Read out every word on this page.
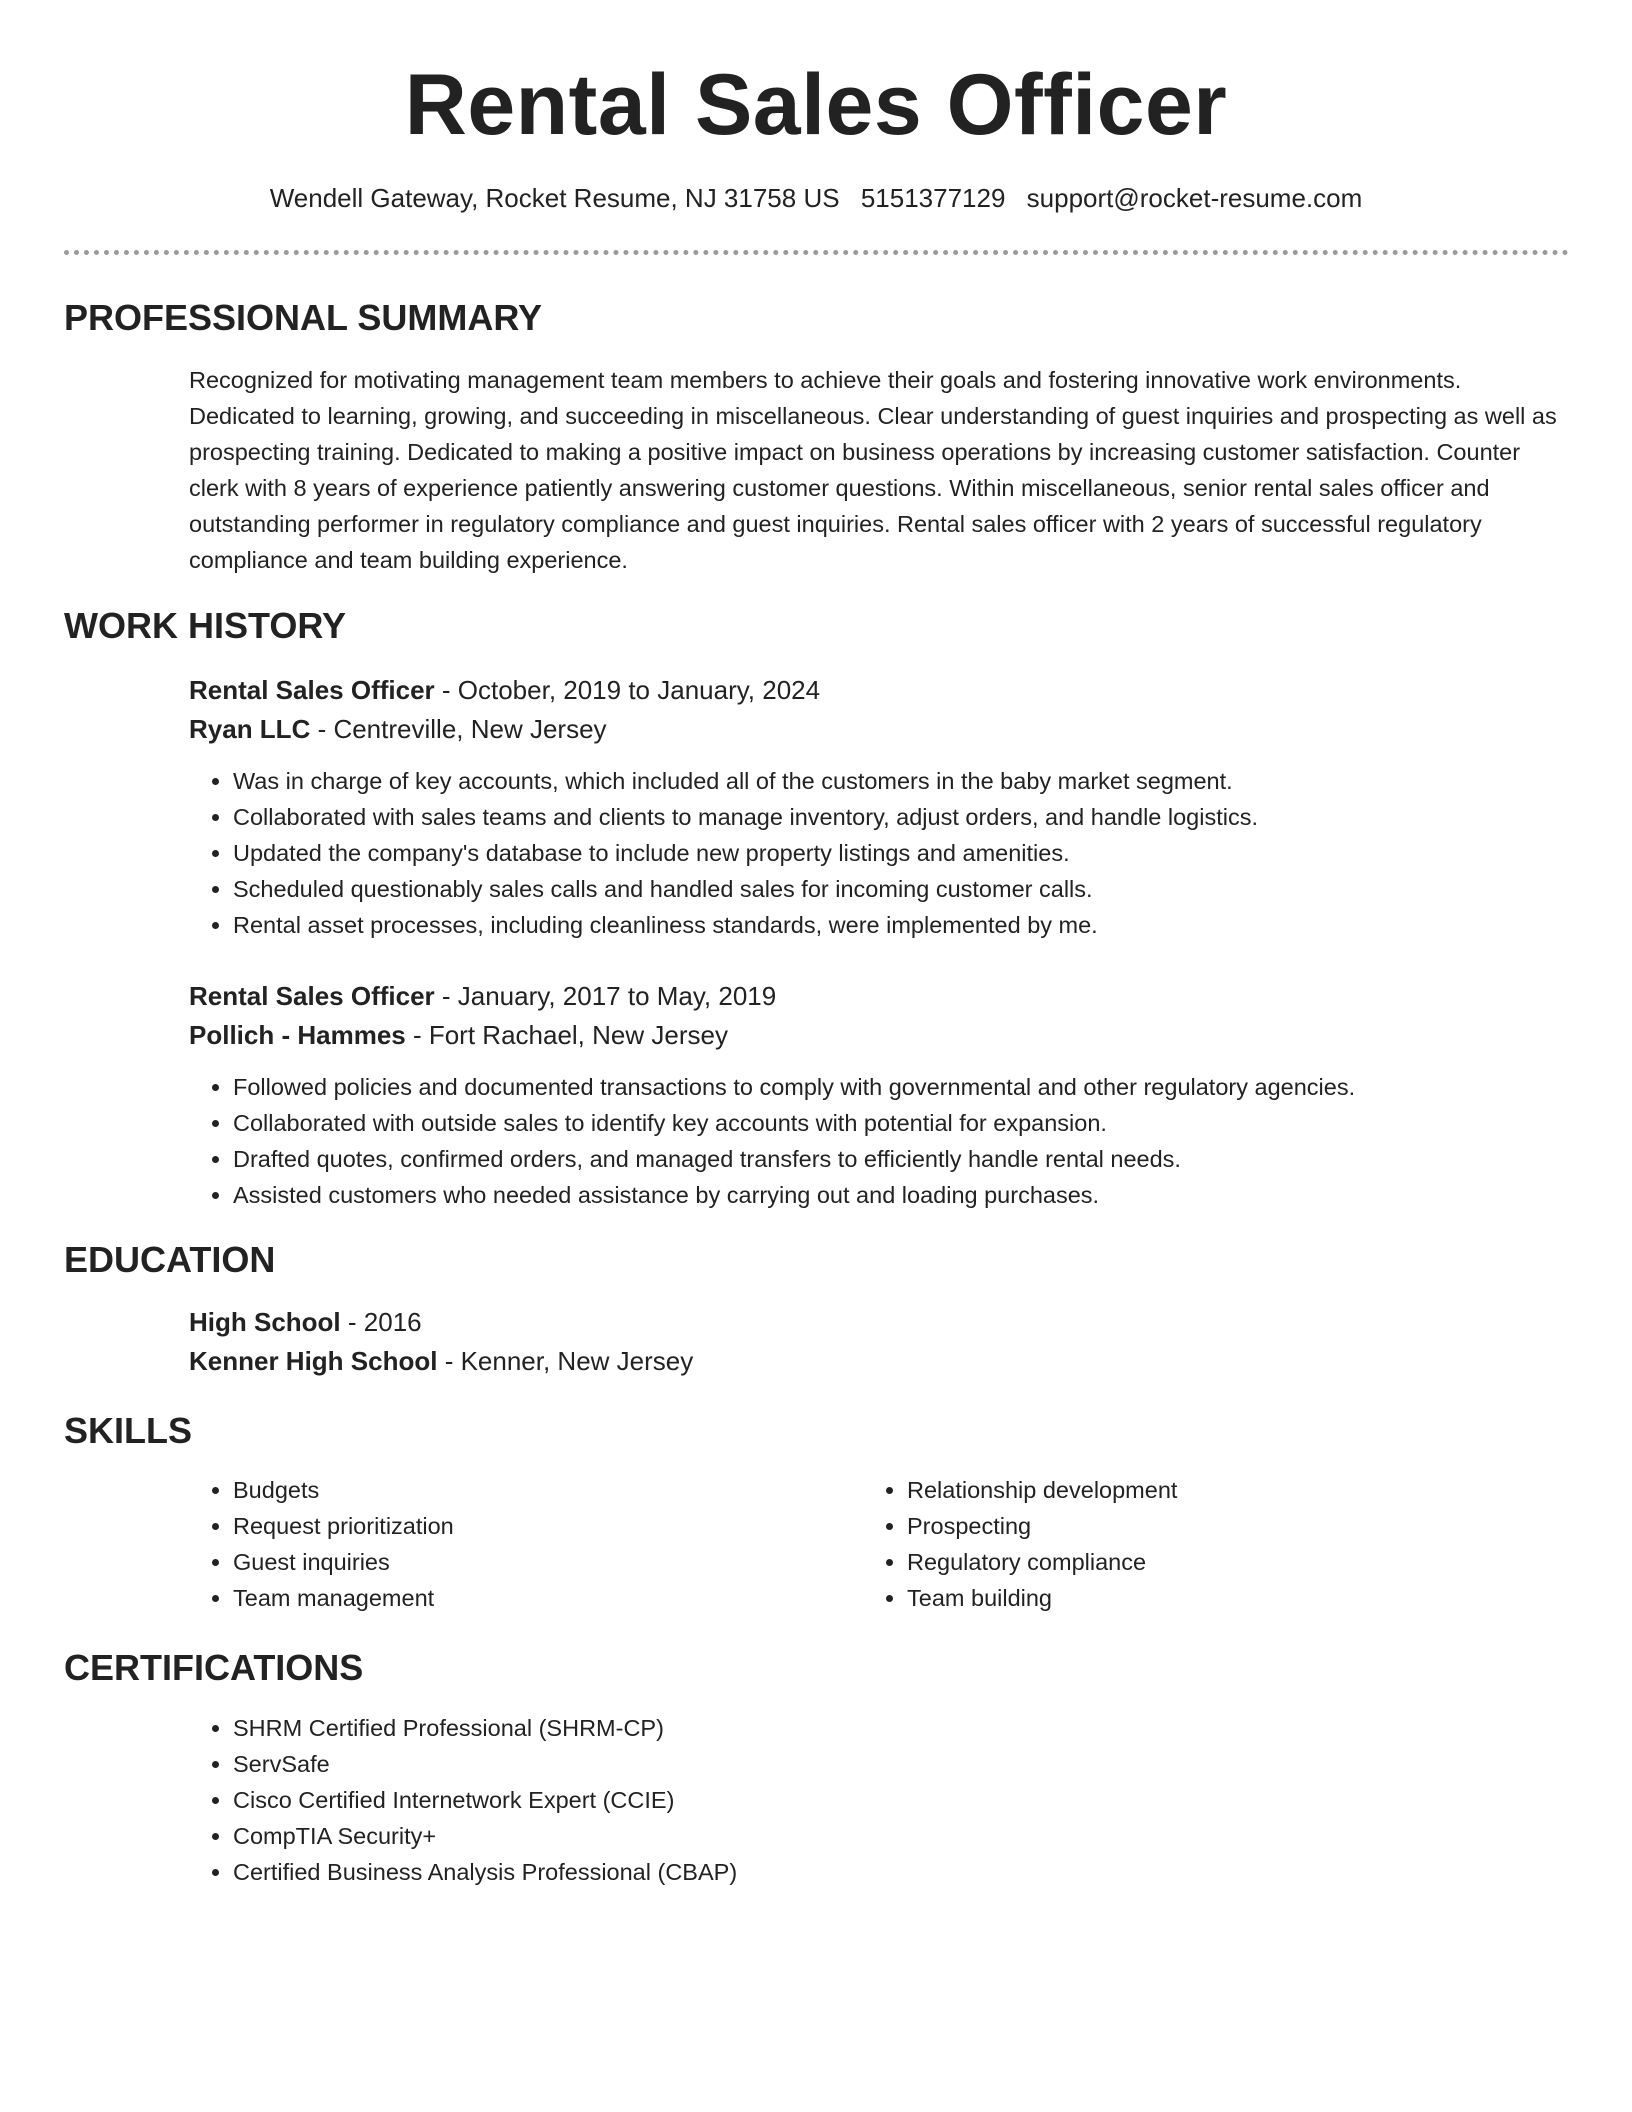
Rental Sales Officer
Wendell Gateway, Rocket Resume, NJ 31758 US 5151377129 support@rocket-resume.com
PROFESSIONAL SUMMARY

Recognized for motivating management team members to achieve their goals and fostering innovative work environments. Dedicated to learning, growing, and succeeding in miscellaneous. Clear understanding of guest inquiries and prospecting as well as prospecting training. Dedicated to making a positive impact on business operations by increasing customer satisfaction. Counter clerk with 8 years of experience patiently answering customer questions. Within miscellaneous, senior rental sales officer and outstanding performer in regulatory compliance and guest inquiries. Rental sales officer with 2 years of successful regulatory compliance and team building experience.

WORK HISTORY
Rental Sales Officer - October, 2019 to January, 2024
Ryan LLC - Centreville, New Jersey
• Was in charge of key accounts, which included all of the customers in the baby market segment.
• Collaborated with sales teams and clients to manage inventory, adjust orders, and handle logistics.
• Updated the company's database to include new property listings and amenities.
• Scheduled questionably sales calls and handled sales for incoming customer calls.
• Rental asset processes, including cleanliness standards, were implemented by me.
Rental Sales Officer - January, 2017 to May, 2019
Pollich - Hammes - Fort Rachael, New Jersey
• Followed policies and documented transactions to comply with governmental and other regulatory agencies.
• Collaborated with outside sales to identify key accounts with potential for expansion.
• Drafted quotes, confirmed orders, and managed transfers to efficiently handle rental needs.
• Assisted customers who needed assistance by carrying out and loading purchases.
EDUCATION
High School - 2016
Kenner High School - Kenner, New Jersey
SKILLS
• Budgets
• Request prioritization
• Guest inquiries
• Team management
• Relationship development
• Prospecting
• Regulatory compliance
• Team building
CERTIFICATIONS
• SHRM Certified Professional (SHRM-CP)
• ServSafe
• Cisco Certified Internetwork Expert (CCIE)
• CompTIA Security+
• Certified Business Analysis Professional (CBAP)
